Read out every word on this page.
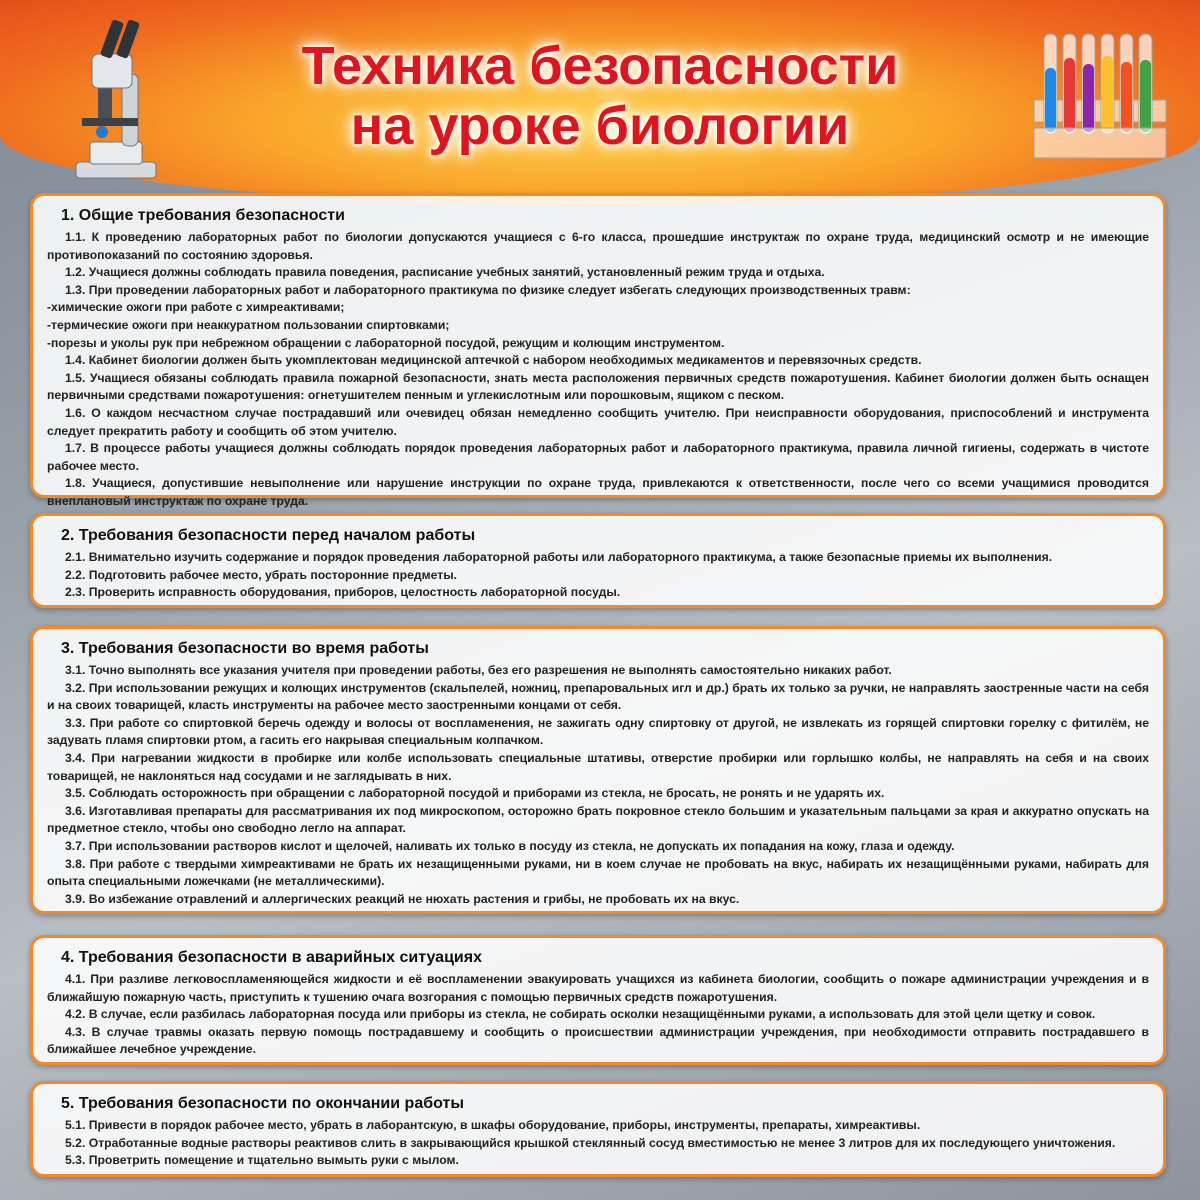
Техника безопасности
на уроке биологии
1. Общие требования безопасности

1.1. К проведению лабораторных работ по биологии допускаются учащиеся с 6-го класса, прошедшие инструктаж по охране труда, медицинский осмотр и не имеющие противопоказаний по состоянию здоровья.

1.2. Учащиеся должны соблюдать правила поведения, расписание учебных занятий, установленный режим труда и отдыха.

1.3. При проведении лабораторных работ и лабораторного практикума по физике следует избегать следующих производственных травм:

-химические ожоги при работе с химреактивами;

-термические ожоги при неаккуратном пользовании спиртовками;

-порезы и уколы рук при небрежном обращении с лабораторной посудой, режущим и колющим инструментом.

1.4. Кабинет биологии должен быть укомплектован медицинской аптечкой с набором необходимых медикаментов и перевязочных средств.

1.5. Учащиеся обязаны соблюдать правила пожарной безопасности, знать места расположения первичных средств пожаротушения. Кабинет биологии должен быть оснащен первичными средствами пожаротушения: огнетушителем пенным и углекислотным или порошковым, ящиком с песком.

1.6. О каждом несчастном случае пострадавший или очевидец обязан немедленно сообщить учителю. При неисправности оборудования, приспособлений и инструмента следует прекратить работу и сообщить об этом учителю.

1.7. В процессе работы учащиеся должны соблюдать порядок проведения лабораторных работ и лабораторного практикума, правила личной гигиены, содержать в чистоте рабочее место.

1.8. Учащиеся, допустившие невыполнение или нарушение инструкции по охране труда, привлекаются к ответственности, после чего со всеми учащимися проводится внеплановый инструктаж по охране труда.

2. Требования безопасности перед началом работы

2.1. Внимательно изучить содержание и порядок проведения лабораторной работы или лабораторного практикума, а также безопасные приемы их выполнения.

2.2. Подготовить рабочее место, убрать посторонние предметы.

2.3. Проверить исправность оборудования, приборов, целостность лабораторной посуды.

3. Требования безопасности во время работы

3.1. Точно выполнять все указания учителя при проведении работы, без его разрешения не выполнять самостоятельно никаких работ.

3.2. При использовании режущих и колющих инструментов (скальпелей, ножниц, препаровальных игл и др.) брать их только за ручки, не направлять заостренные части на себя и на своих товарищей, класть инструменты на рабочее место заостренными концами от себя.

3.3. При работе со спиртовкой беречь одежду и волосы от воспламенения, не зажигать одну спиртовку от другой, не извлекать из горящей спиртовки горелку с фитилём, не задувать пламя спиртовки ртом, а гасить его накрывая специальным колпачком.

3.4. При нагревании жидкости в пробирке или колбе использовать специальные штативы, отверстие пробирки или горлышко колбы, не направлять на себя и на своих товарищей, не наклоняться над сосудами и не заглядывать в них.

3.5. Соблюдать осторожность при обращении с лабораторной посудой и приборами из стекла, не бросать, не ронять и не ударять их.

3.6. Изготавливая препараты для рассматривания их под микроскопом, осторожно брать покровное стекло большим и указательным пальцами за края и аккуратно опускать на предметное стекло, чтобы оно свободно легло на аппарат.

3.7. При использовании растворов кислот и щелочей, наливать их только в посуду из стекла, не допускать их попадания на кожу, глаза и одежду.

3.8. При работе с твердыми химреактивами не брать их незащищенными руками, ни в коем случае не пробовать на вкус, набирать их незащищёнными руками, набирать для опыта специальными ложечками (не металлическими).

3.9. Во избежание отравлений и аллергических реакций не нюхать растения и грибы, не пробовать их на вкус.

4. Требования безопасности в аварийных ситуациях

4.1. При разливе легковоспламеняющейся жидкости и её воспламенении эвакуировать учащихся из кабинета биологии, сообщить о пожаре администрации учреждения и в ближайшую пожарную часть, приступить к тушению очага возгорания с помощью первичных средств пожаротушения.

4.2. В случае, если разбилась лабораторная посуда или приборы из стекла, не собирать осколки незащищёнными руками, а использовать для этой цели щетку и совок.

4.3. В случае травмы оказать первую помощь пострадавшему и сообщить о происшествии администрации учреждения, при необходимости отправить пострадавшего в ближайшее лечебное учреждение.

5. Требования безопасности по окончании работы

5.1. Привести в порядок рабочее место, убрать в лаборантскую, в шкафы оборудование, приборы, инструменты, препараты, химреактивы.

5.2. Отработанные водные растворы реактивов слить в закрывающийся крышкой стеклянный сосуд вместимостью не менее 3 литров для их последующего уничтожения.

5.3. Проветрить помещение и тщательно вымыть руки с мылом.
